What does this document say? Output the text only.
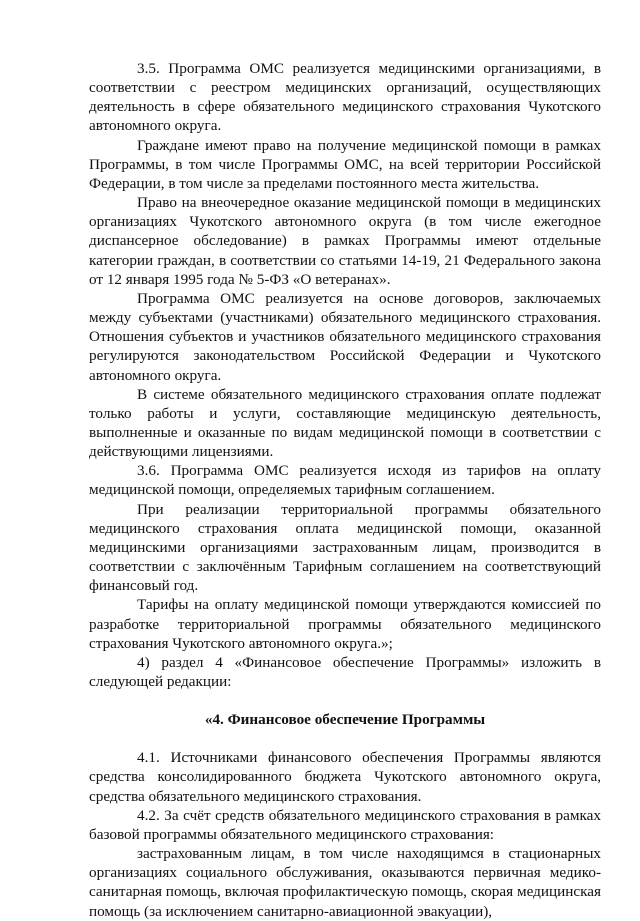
3.5. Программа ОМС реализуется медицинскими организациями, в соответствии с реестром медицинских организаций, осуществляющих деятельность в сфере обязательного медицинского страхования Чукотского автономного округа.

Граждане имеют право на получение медицинской помощи в рамках Программы, в том числе Программы ОМС, на всей территории Российской Федерации, в том числе за пределами постоянного места жительства.

Право на внеочередное оказание медицинской помощи в медицинских организациях Чукотского автономного округа (в том числе ежегодное диспансерное обследование) в рамках Программы имеют отдельные категории граждан, в соответствии со статьями 14-19, 21 Федерального закона от 12 января 1995 года № 5-ФЗ «О ветеранах».

Программа ОМС реализуется на основе договоров, заключаемых между субъектами (участниками) обязательного медицинского страхования. Отношения субъектов и участников обязательного медицинского страхования регулируются законодательством Российской Федерации и Чукотского автономного округа.

В системе обязательного медицинского страхования оплате подлежат только работы и услуги, составляющие медицинскую деятельность, выполненные и оказанные по видам медицинской помощи в соответствии с действующими лицензиями.

3.6. Программа ОМС реализуется исходя из тарифов на оплату медицинской помощи, определяемых тарифным соглашением.

При реализации территориальной программы обязательного медицинского страхования оплата медицинской помощи, оказанной медицинскими организациями застрахованным лицам, производится в соответствии с заключённым Тарифным соглашением на соответствующий финансовый год.

Тарифы на оплату медицинской помощи утверждаются комиссией по разработке территориальной программы обязательного медицинского страхования Чукотского автономного округа.»;

4) раздел 4 «Финансовое обеспечение Программы» изложить в следующей редакции:

«4. Финансовое обеспечение Программы

4.1. Источниками финансового обеспечения Программы являются средства консолидированного бюджета Чукотского автономного округа, средства обязательного медицинского страхования.

4.2. За счёт средств обязательного медицинского страхования в рамках базовой программы обязательного медицинского страхования:

застрахованным лицам, в том числе находящимся в стационарных организациях социального обслуживания, оказываются первичная медико-санитарная помощь, включая профилактическую помощь, скорая медицинская помощь (за исключением санитарно-авиационной эвакуации),
